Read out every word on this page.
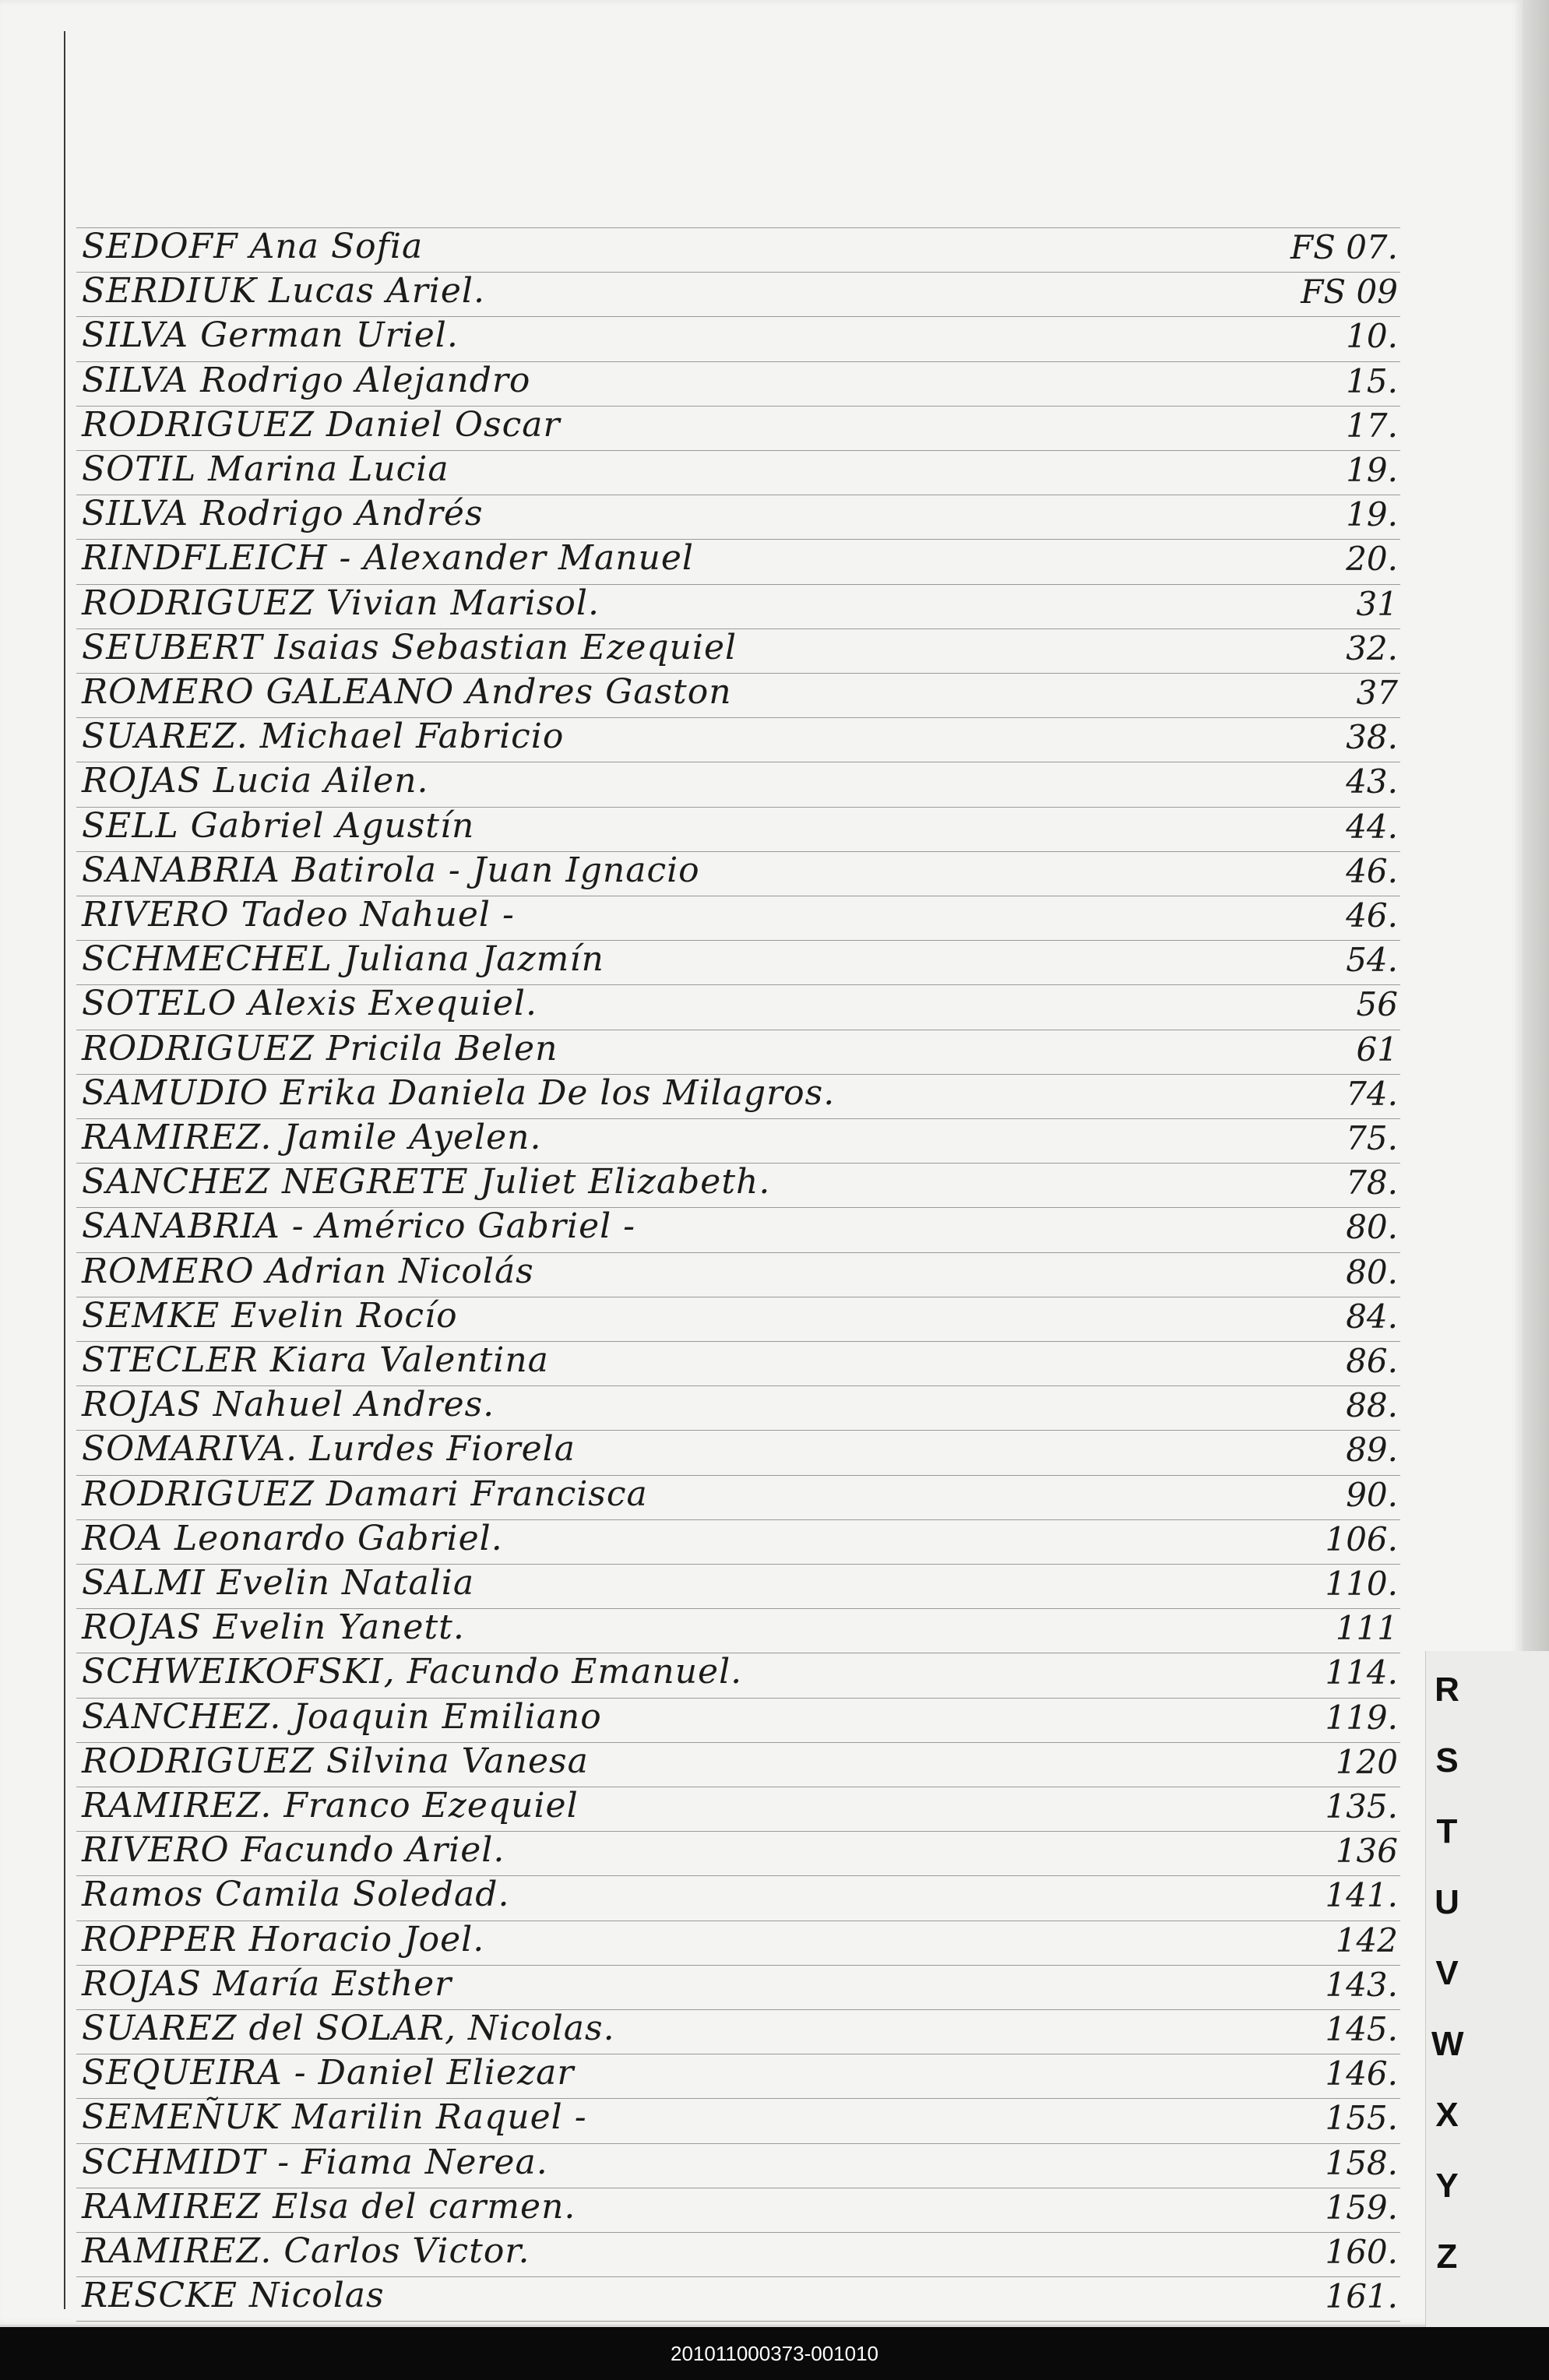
SEDOFF Ana Sofia	FS 07.
SERDIUK Lucas Ariel.	FS 09
SILVA German Uriel.	10.
SILVA Rodrigo Alejandro	15.
RODRIGUEZ Daniel Oscar	17.
SOTIL Marina Lucia	19.
SILVA Rodrigo Andrés	19.
RINDFLEICH - Alexander Manuel	20.
RODRIGUEZ Vivian Marisol.	31
SEUBERT Isaias Sebastian Ezequiel	32.
ROMERO GALEANO Andres Gaston	37
SUAREZ. Michael Fabricio	38.
ROJAS Lucia Ailen.	43.
SELL Gabriel Agustín	44.
SANABRIA Batirola - Juan Ignacio	46.
RIVERO Tadeo Nahuel -	46.
SCHMECHEL Juliana Jazmín	54.
SOTELO Alexis Exequiel.	56
RODRIGUEZ Pricila Belen	61
SAMUDIO Erika Daniela De los Milagros.	74.
RAMIREZ. Jamile Ayelen.	75.
SANCHEZ NEGRETE Juliet Elizabeth.	78.
SANABRIA - Américo Gabriel -	80.
ROMERO Adrian Nicolás	80.
SEMKE Evelin Rocío	84.
STECLER Kiara Valentina	86.
ROJAS Nahuel Andres.	88.
SOMARIVA. Lurdes Fiorela	89.
RODRIGUEZ Damari Francisca	90.
ROA Leonardo Gabriel.	106.
SALMI Evelin Natalia	110.
ROJAS Evelin Yanett.	111
SCHWEIKOFSKI, Facundo Emanuel.	114.
SANCHEZ. Joaquin Emiliano	119.
RODRIGUEZ Silvina Vanesa	120
RAMIREZ. Franco Ezequiel	135.
RIVERO Facundo Ariel.	136
Ramos Camila Soledad.	141.
ROPPER Horacio Joel.	142
ROJAS María Esther	143.
SUAREZ del SOLAR, Nicolas.	145.
SEQUEIRA - Daniel Eliezar	146.
SEMEÑUK Marilin Raquel -	155.
SCHMIDT - Fiama Nerea.	158.
RAMIREZ Elsa del carmen.	159.
RAMIREZ. Carlos Victor.	160.
RESCKE Nicolas	161.
R
S
T
U
V
W
X
Y
Z
201011000373-001010
